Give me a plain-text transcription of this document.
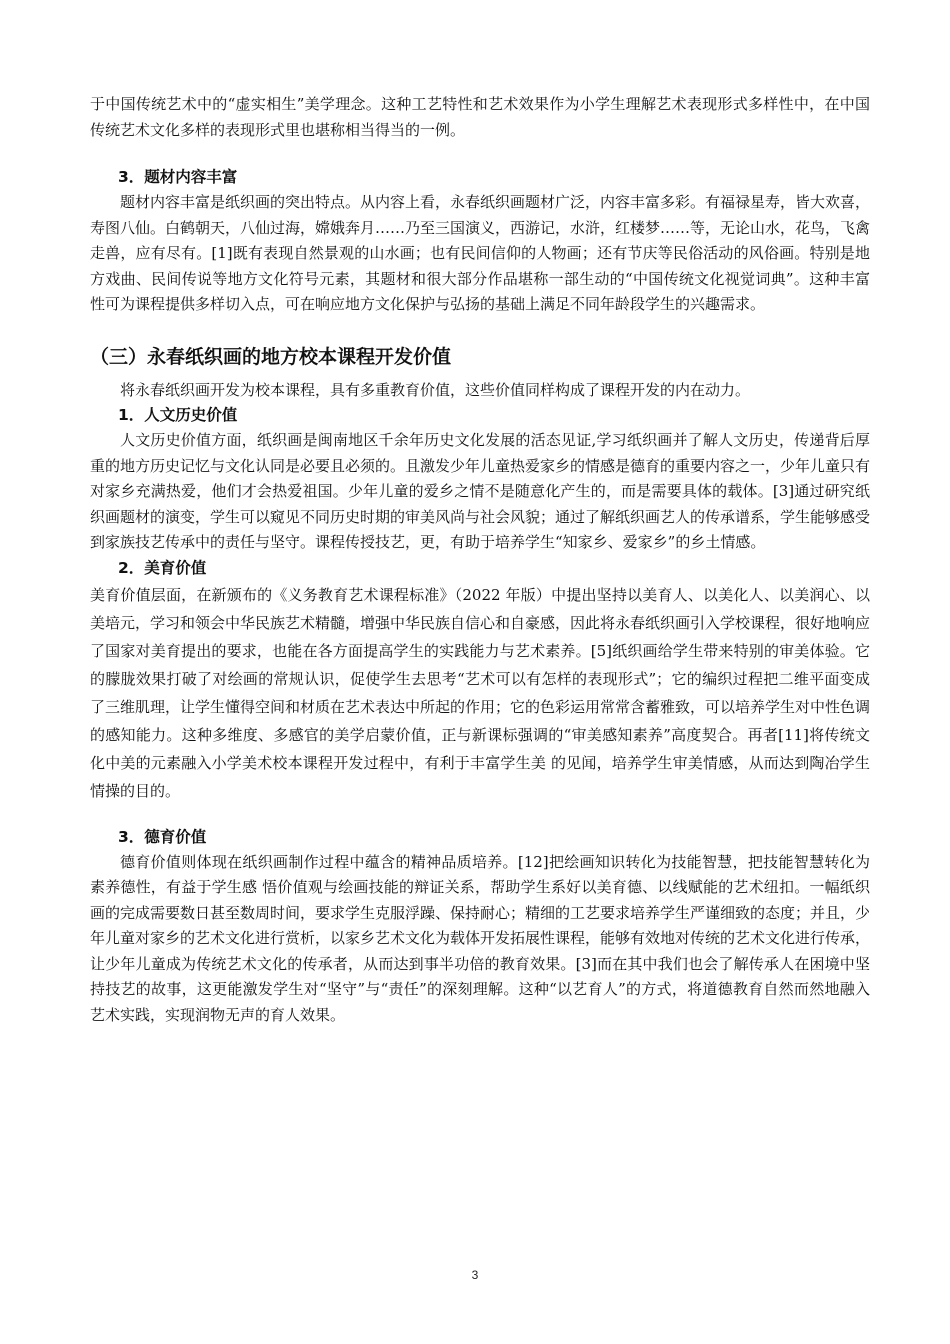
于中国传统艺术中的“虚实相生”美学理念。这种工艺特性和艺术效果作为小学生理解艺术表现形式多样性中，在中国传统艺术文化多样的表现形式里也堪称相当得当的一例。

3．题材内容丰富

题材内容丰富是纸织画的突出特点。从内容上看，永春纸织画题材广泛，内容丰富多彩。有福禄星寿，皆大欢喜，寿图八仙。白鹤朝天，八仙过海，嫦娥奔月……乃至三国演义，西游记，水浒，红楼梦……等，无论山水，花鸟，飞禽走兽，应有尽有。[1]既有表现自然景观的山水画；也有民间信仰的人物画；还有节庆等民俗活动的风俗画。特别是地方戏曲、民间传说等地方文化符号元素，其题材和很大部分作品堪称一部生动的“中国传统文化视觉词典”。这种丰富性可为课程提供多样切入点，可在响应地方文化保护与弘扬的基础上满足不同年龄段学生的兴趣需求。

（三）永春纸织画的地方校本课程开发价值

将永春纸织画开发为校本课程，具有多重教育价值，这些价值同样构成了课程开发的内在动力。

1．人文历史价值

人文历史价值方面，纸织画是闽南地区千余年历史文化发展的活态见证,学习纸织画并了解人文历史，传递背后厚重的地方历史记忆与文化认同是必要且必须的。且激发少年儿童热爱家乡的情感是德育的重要内容之一，少年儿童只有对家乡充满热爱，他们才会热爱祖国。少年儿童的爱乡之情不是随意化产生的，而是需要具体的载体。[3]通过研究纸织画题材的演变，学生可以窥见不同历史时期的审美风尚与社会风貌；通过了解纸织画艺人的传承谱系，学生能够感受到家族技艺传承中的责任与坚守。课程传授技艺，更，有助于培养学生“知家乡、爱家乡”的乡土情感。

2．美育价值

美育价值层面，在新颁布的《义务教育艺术课程标准》（2022 年版）中提出坚持以美育人、以美化人、以美润心、以美培元，学习和领会中华民族艺术精髓，增强中华民族自信心和自豪感，因此将永春纸织画引入学校课程，很好地响应了国家对美育提出的要求，也能在各方面提高学生的实践能力与艺术素养。[5]纸织画给学生带来特别的审美体验。它的朦胧效果打破了对绘画的常规认识，促使学生去思考“艺术可以有怎样的表现形式”；它的编织过程把二维平面变成了三维肌理，让学生懂得空间和材质在艺术表达中所起的作用；它的色彩运用常常含蓄雅致，可以培养学生对中性色调的感知能力。这种多维度、多感官的美学启蒙价值，正与新课标强调的“审美感知素养”高度契合。再者[11]将传统文化中美的元素融入小学美术校本课程开发过程中，有利于丰富学生美 的见闻，培养学生审美情感，从而达到陶冶学生情操的目的。

3．德育价值

德育价值则体现在纸织画制作过程中蕴含的精神品质培养。[12]把绘画知识转化为技能智慧，把技能智慧转化为素养德性，有益于学生感 悟价值观与绘画技能的辩证关系，帮助学生系好以美育德、以线赋能的艺术纽扣。一幅纸织画的完成需要数日甚至数周时间，要求学生克服浮躁、保持耐心；精细的工艺要求培养学生严谨细致的态度；并且，少年儿童对家乡的艺术文化进行赏析，以家乡艺术文化为载体开发拓展性课程，能够有效地对传统的艺术文化进行传承，让少年儿童成为传统艺术文化的传承者，从而达到事半功倍的教育效果。[3]而在其中我们也会了解传承人在困境中坚持技艺的故事，这更能激发学生对“坚守”与“责任”的深刻理解。这种“以艺育人”的方式，将道德教育自然而然地融入艺术实践，实现润物无声的育人效果。

3
